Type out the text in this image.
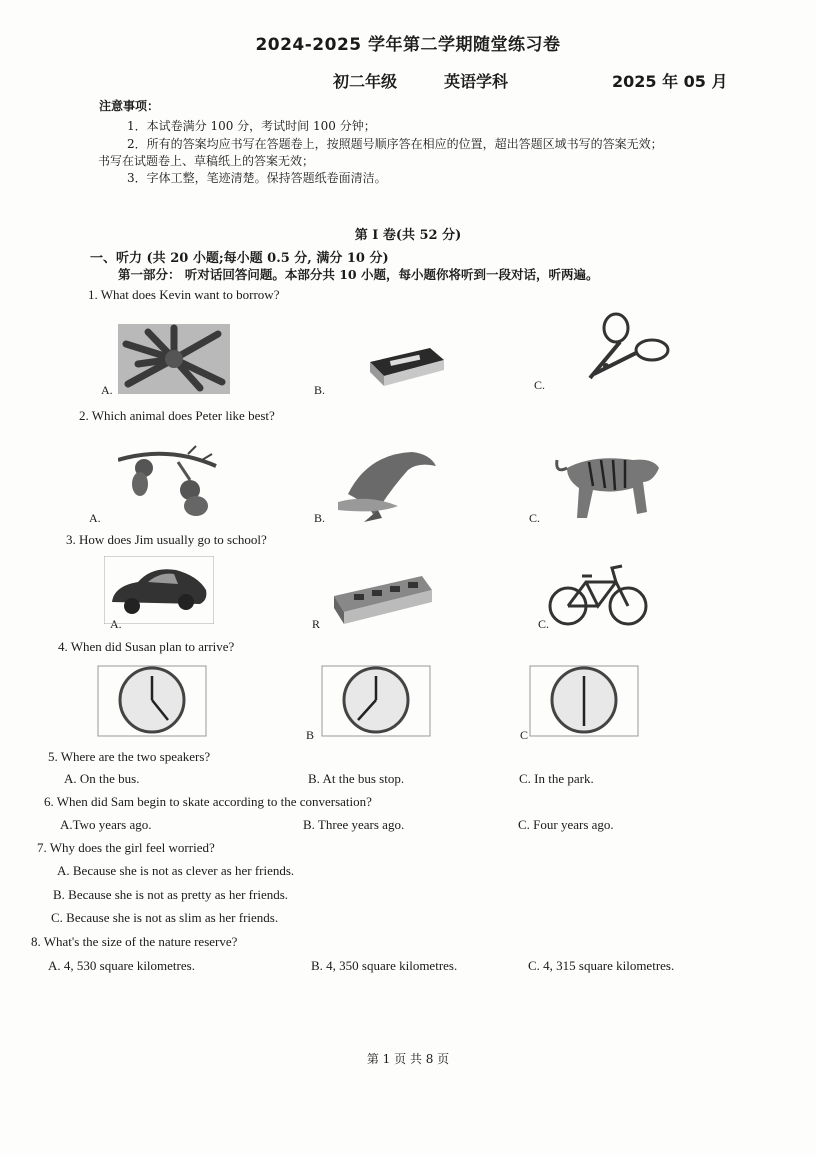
2024-2025 学年第二学期随堂练习卷
初二年级	英语学科	2025 年 05 月
注意事项：
1．本试卷满分 100 分，考试时间 100 分钟；
2．所有的答案均应书写在答题卷上，按照题号顺序答在相应的位置，超出答题区域书写的答案无效；
书写在试题卷上、草稿纸上的答案无效；
3．字体工整，笔迹清楚。保持答题纸卷面清洁。
第 I 卷(共 52 分)
一、听力 (共 20 小题;每小题 0.5 分, 满分 10 分)
第一部分： 听对话回答问题。本部分共 10 小题，每小题你将听到一段对话，听两遍。
1. What does Kevin want to borrow?
A.	B.	C.
2. Which animal does Peter like best?
A.	B.	C.
3. How does Jim usually go to school?
A.	R	C.
4. When did Susan plan to arrive?
B	C
5. Where are the two speakers?
A. On the bus.	B. At the bus stop.	C. In the park.
6. When did Sam begin to skate according to the conversation?
A.Two years ago.	B. Three years ago.	C. Four years ago.
7. Why does the girl feel worried?
A. Because she is not as clever as her friends.
B. Because she is not as pretty as her friends.
C. Because she is not as slim as her friends.
8. What's the size of the nature reserve?
A. 4, 530 square kilometres.	B. 4, 350 square kilometres.	C. 4, 315 square kilometres.
第 1 页 共 8 页
